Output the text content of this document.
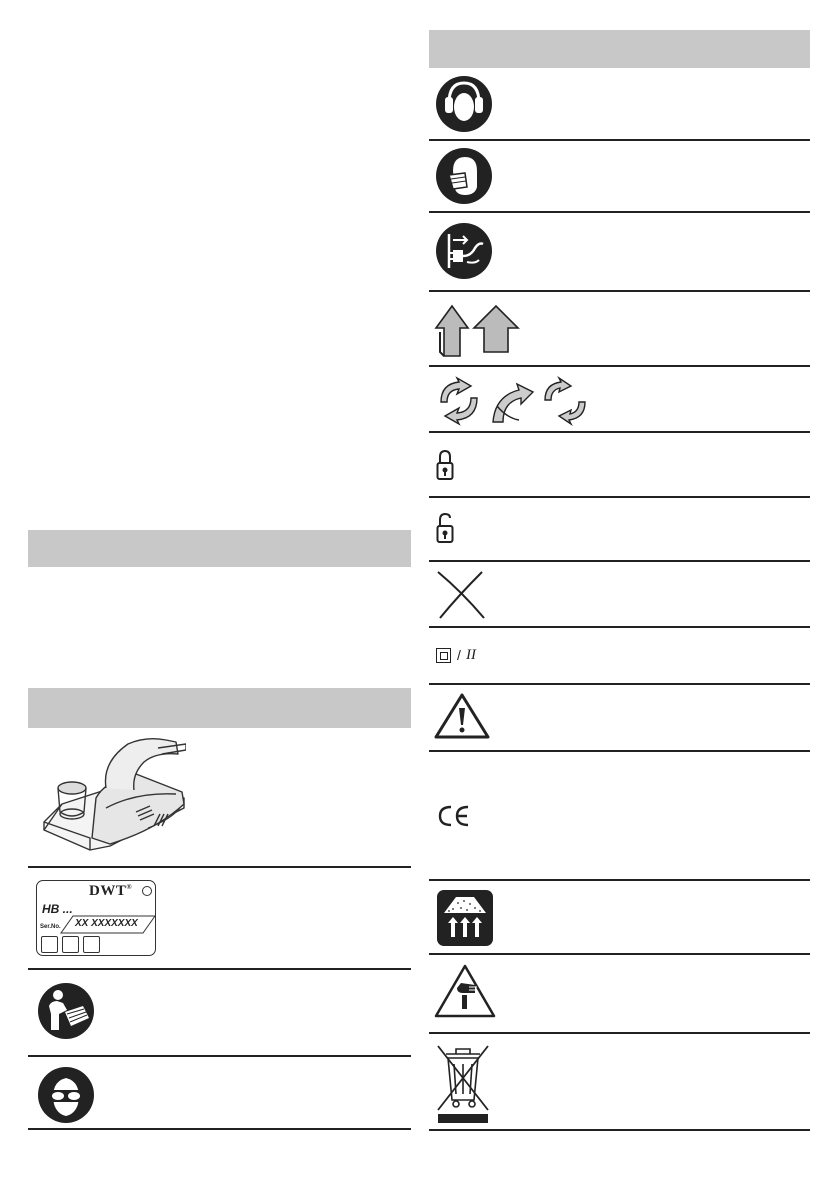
DWT®
HB ...
Ser.No. XX XXXXXXX
/ II
